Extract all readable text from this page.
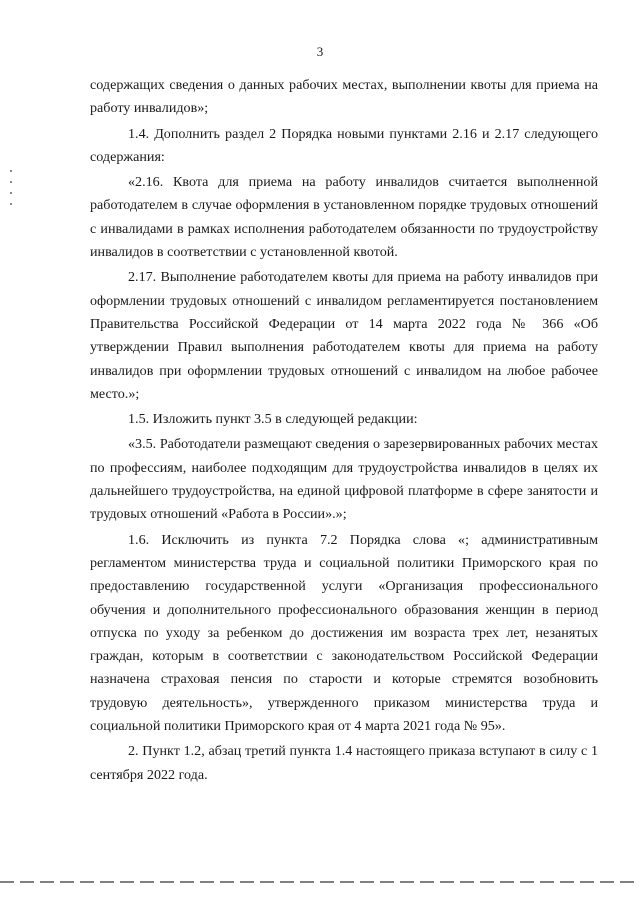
3

содержащих сведения о данных рабочих местах, выполнении квоты для приема на работу инвалидов»;

1.4. Дополнить раздел 2 Порядка новыми пунктами 2.16 и 2.17 следующего содержания:

«2.16. Квота для приема на работу инвалидов считается выполненной работодателем в случае оформления в установленном порядке трудовых отношений с инвалидами в рамках исполнения работодателем обязанности по трудоустройству инвалидов в соответствии с установленной квотой.

2.17. Выполнение работодателем квоты для приема на работу инвалидов при оформлении трудовых отношений с инвалидом регламентируется постановлением Правительства Российской Федерации от 14 марта 2022 года № 366 «Об утверждении Правил выполнения работодателем квоты для приема на работу инвалидов при оформлении трудовых отношений с инвалидом на любое рабочее место.»;

1.5. Изложить пункт 3.5 в следующей редакции:

«3.5. Работодатели размещают сведения о зарезервированных рабочих местах по профессиям, наиболее подходящим для трудоустройства инвалидов в целях их дальнейшего трудоустройства, на единой цифровой платформе в сфере занятости и трудовых отношений «Работа в России».»;

1.6. Исключить из пункта 7.2 Порядка слова «; административным регламентом министерства труда и социальной политики Приморского края по предоставлению государственной услуги «Организация профессионального обучения и дополнительного профессионального образования женщин в период отпуска по уходу за ребенком до достижения им возраста трех лет, незанятых граждан, которым в соответствии с законодательством Российской Федерации назначена страховая пенсия по старости и которые стремятся возобновить трудовую деятельность», утвержденного приказом министерства труда и социальной политики Приморского края от 4 марта 2021 года № 95».

2. Пункт 1.2, абзац третий пункта 1.4 настоящего приказа вступают в силу с 1 сентября 2022 года.
